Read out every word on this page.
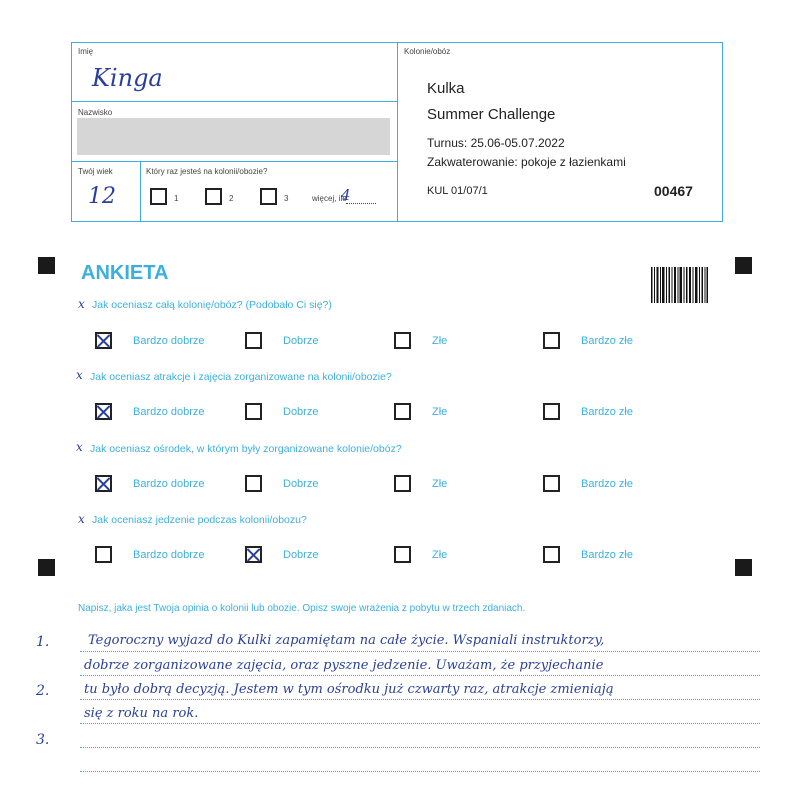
Imię
Kinga
Nazwisko
Twój wiek
12
Który raz jesteś na kolonii/obozie?
1	2	3	więcej, ile
4
Kolonie/obóz
Kulka
Summer Challenge
Turnus: 25.06-05.07.2022
Zakwaterowanie: pokoje z łazienkami
KUL 01/07/1	00467
ANKIETA
x Jak oceniasz całą kolonię/obóz? (Podobało Ci się?)
Bardzo dobrze	Dobrze	Złe	Bardzo złe
x Jak oceniasz atrakcje i zajęcia zorganizowane na kolonii/obozie?
Bardzo dobrze	Dobrze	Złe	Bardzo złe
x Jak oceniasz ośrodek, w którym były zorganizowane kolonie/obóz?
Bardzo dobrze	Dobrze	Złe	Bardzo złe
x Jak oceniasz jedzenie podczas kolonii/obozu?
Bardzo dobrze	Dobrze	Złe	Bardzo złe
Napisz, jaka jest Twoja opinia o kolonii lub obozie. Opisz swoje wrażenia z pobytu w trzech zdaniach.
1.
2.
3.
Tegoroczny wyjazd do Kulki zapamiętam na całe życie. Wspaniali instruktorzy,
dobrze zorganizowane zajęcia, oraz pyszne jedzenie. Uważam, że przyjechanie
tu było dobrą decyzją. Jestem w tym ośrodku już czwarty raz, atrakcje zmieniają
się z roku na rok.
